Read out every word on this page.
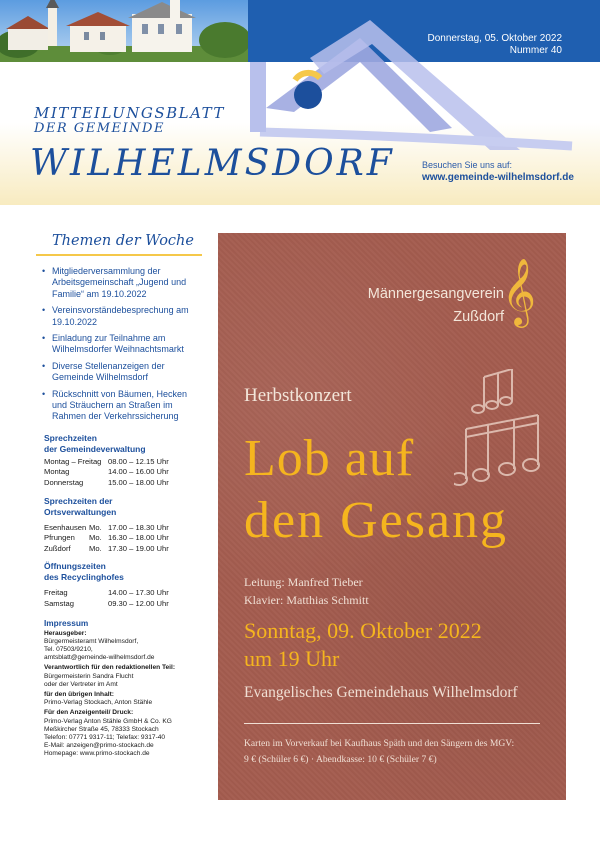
Donnerstag, 05. Oktober 2022
Nummer 40
MITTEILUNGSBLATT
DER GEMEINDE
WILHELMSDORF	Besuchen Sie uns auf:
www.gemeinde-wilhelmsdorf.de
Themen der Woche
• Mitgliederversammlung der Arbeitsgemeinschaft „Jugend und Familie“ am 19.10.2022
• Vereinsvorständebesprechung am 19.10.2022
• Einladung zur Teilnahme am Wilhelmsdorfer Weihnachtsmarkt
• Diverse Stellenanzeigen der Gemeinde Wilhelmsdorf
• Rückschnitt von Bäumen, Hecken und Sträuchern an Straßen im Rahmen der Verkehrssicherung
Sprechzeiten
der Gemeindeverwaltung
Montag – Freitag 08.00 – 12.15 Uhr
Montag	14.00 – 16.00 Uhr
Donnerstag	15.00 – 18.00 Uhr
Sprechzeiten der
Ortsverwaltungen
Esenhausen Mo. 17.00 – 18.30 Uhr
Pfrungen	Mo. 16.30 – 18.00 Uhr
Zußdorf	Mo. 17.30 – 19.00 Uhr
Öffnungszeiten
des Recyclinghofes
Freitag	14.00 – 17.30 Uhr
Samstag	09.30 – 12.00 Uhr
Impressum
Herausgeber:
Bürgermeisteramt Wilhelmsdorf,
Tel. 07503/9210,
amtsblatt@gemeinde-wilhelmsdorf.de
Verantwortlich für den redaktionellen Teil:
Bürgermeisterin Sandra Flucht
oder der Vertreter im Amt
für den übrigen Inhalt:
Primo-Verlag Stockach, Anton Stähle
Für den Anzeigenteil/ Druck:
Primo-Verlag Anton Stähle GmbH & Co. KG
Meßkircher Straße 45, 78333 Stockach
Telefon: 07771 9317-11; Telefax: 9317-40
E-Mail: anzeigen@primo-stockach.de
Homepage: www.primo-stockach.de
Männergesangverein
Zußdorf
𝄞
Herbstkonzert
Lob auf
den Gesang
Leitung: Manfred Tieber
Klavier: Matthias Schmitt
Sonntag, 09. Oktober 2022
um 19 Uhr
Evangelisches Gemeindehaus Wilhelmsdorf
Karten im Vorverkauf bei Kaufhaus Späth und den Sängern des MGV:
9 € (Schüler 6 €) · Abendkasse: 10 € (Schüler 7 €)
